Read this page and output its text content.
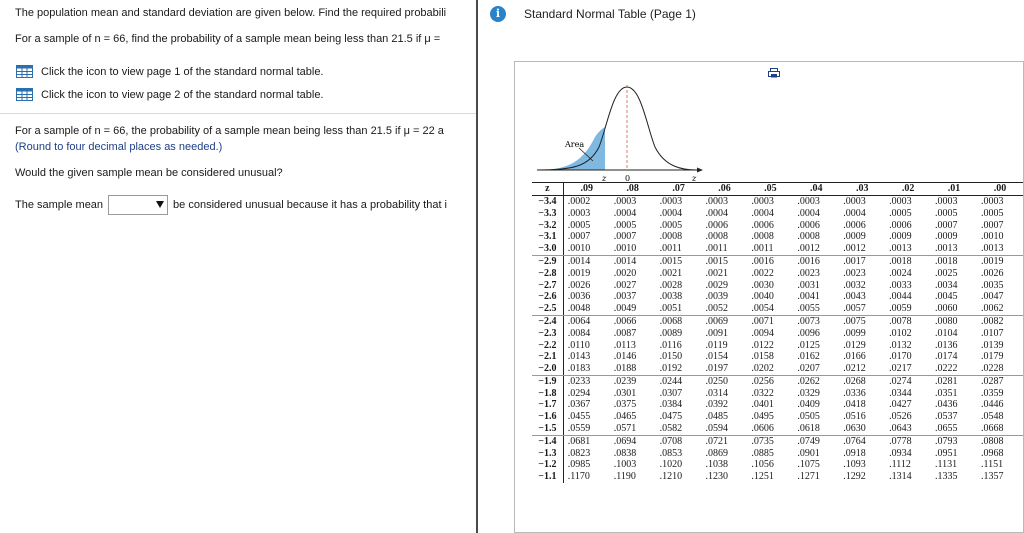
The population mean and standard deviation are given below. Find the required probabili
For a sample of n = 66, find the probability of a sample mean being less than 21.5 if μ =
Click the icon to view page 1 of the standard normal table.
Click the icon to view page 2 of the standard normal table.
For a sample of n = 66, the probability of a sample mean being less than 21.5 if μ = 22 a
(Round to four decimal places as needed.)
Would the given sample mean be considered unusual?
The sample mean	be considered unusual because it has a probability that i
i	Standard Normal Table (Page 1)
Area
z 0	z
z	.09	.08	.07	.06	.05	.04	.03	.02	.01	.00
−3.4	.0002	.0003	.0003	.0003	.0003	.0003	.0003	.0003	.0003	.0003
−3.3	.0003	.0004	.0004	.0004	.0004	.0004	.0004	.0005	.0005	.0005
−3.2	.0005	.0005	.0005	.0006	.0006	.0006	.0006	.0006	.0007	.0007
−3.1	.0007	.0007	.0008	.0008	.0008	.0008	.0009	.0009	.0009	.0010
−3.0	.0010	.0010	.0011	.0011	.0011	.0012	.0012	.0013	.0013	.0013
−2.9	.0014	.0014	.0015	.0015	.0016	.0016	.0017	.0018	.0018	.0019
−2.8	.0019	.0020	.0021	.0021	.0022	.0023	.0023	.0024	.0025	.0026
−2.7	.0026	.0027	.0028	.0029	.0030	.0031	.0032	.0033	.0034	.0035
−2.6	.0036	.0037	.0038	.0039	.0040	.0041	.0043	.0044	.0045	.0047
−2.5	.0048	.0049	.0051	.0052	.0054	.0055	.0057	.0059	.0060	.0062
−2.4	.0064	.0066	.0068	.0069	.0071	.0073	.0075	.0078	.0080	.0082
−2.3	.0084	.0087	.0089	.0091	.0094	.0096	.0099	.0102	.0104	.0107
−2.2	.0110	.0113	.0116	.0119	.0122	.0125	.0129	.0132	.0136	.0139
−2.1	.0143	.0146	.0150	.0154	.0158	.0162	.0166	.0170	.0174	.0179
−2.0	.0183	.0188	.0192	.0197	.0202	.0207	.0212	.0217	.0222	.0228
−1.9	.0233	.0239	.0244	.0250	.0256	.0262	.0268	.0274	.0281	.0287
−1.8	.0294	.0301	.0307	.0314	.0322	.0329	.0336	.0344	.0351	.0359
−1.7	.0367	.0375	.0384	.0392	.0401	.0409	.0418	.0427	.0436	.0446
−1.6	.0455	.0465	.0475	.0485	.0495	.0505	.0516	.0526	.0537	.0548
−1.5	.0559	.0571	.0582	.0594	.0606	.0618	.0630	.0643	.0655	.0668
−1.4	.0681	.0694	.0708	.0721	.0735	.0749	.0764	.0778	.0793	.0808
−1.3	.0823	.0838	.0853	.0869	.0885	.0901	.0918	.0934	.0951	.0968
−1.2	.0985	.1003	.1020	.1038	.1056	.1075	.1093	.1112	.1131	.1151
−1.1	.1170	.1190	.1210	.1230	.1251	.1271	.1292	.1314	.1335	.1357
